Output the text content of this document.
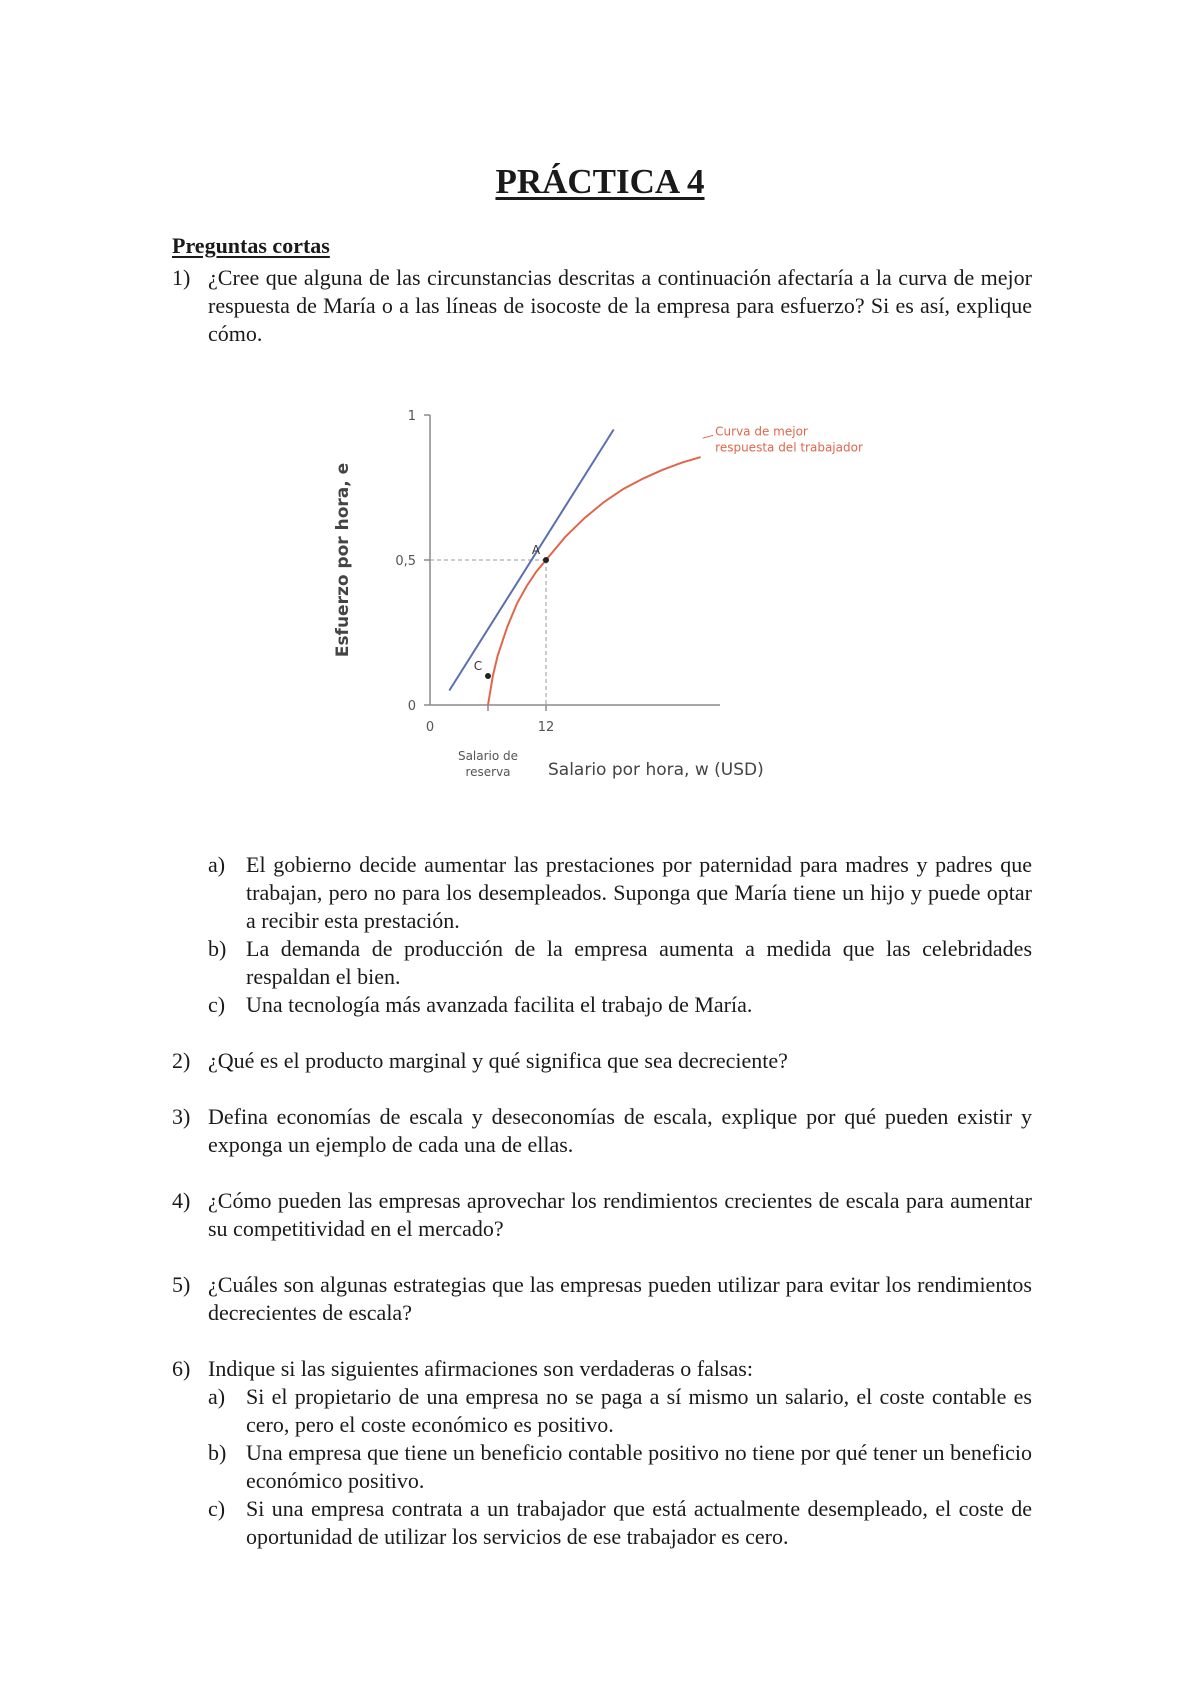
PRÁCTICA 4
Preguntas cortas
1) ¿Cree que alguna de las circunstancias descritas a continuación afectaría a la curva de mejor respuesta de María o a las líneas de isocoste de la empresa para esfuerzo? Si es así, explique cómo.
0
0,5
1
0	12
Salario de
reserva Salario por hora, w (USD)
Esfuerzo por hora, e
Curva de mejor
respuesta del trabajador
A
C
a) El gobierno decide aumentar las prestaciones por paternidad para madres y padres que trabajan, pero no para los desempleados. Suponga que María tiene un hijo y puede optar a recibir esta prestación.
b) La demanda de producción de la empresa aumenta a medida que las celebridades respaldan el bien.
c) Una tecnología más avanzada facilita el trabajo de María.
2) ¿Qué es el producto marginal y qué significa que sea decreciente?
3) Defina economías de escala y deseconomías de escala, explique por qué pueden existir y exponga un ejemplo de cada una de ellas.
4) ¿Cómo pueden las empresas aprovechar los rendimientos crecientes de escala para aumentar su competitividad en el mercado?
5) ¿Cuáles son algunas estrategias que las empresas pueden utilizar para evitar los rendimientos decrecientes de escala?
6) Indique si las siguientes afirmaciones son verdaderas o falsas:
a) Si el propietario de una empresa no se paga a sí mismo un salario, el coste contable es cero, pero el coste económico es positivo.
b) Una empresa que tiene un beneficio contable positivo no tiene por qué tener un beneficio económico positivo.
c) Si una empresa contrata a un trabajador que está actualmente desempleado, el coste de oportunidad de utilizar los servicios de ese trabajador es cero.
